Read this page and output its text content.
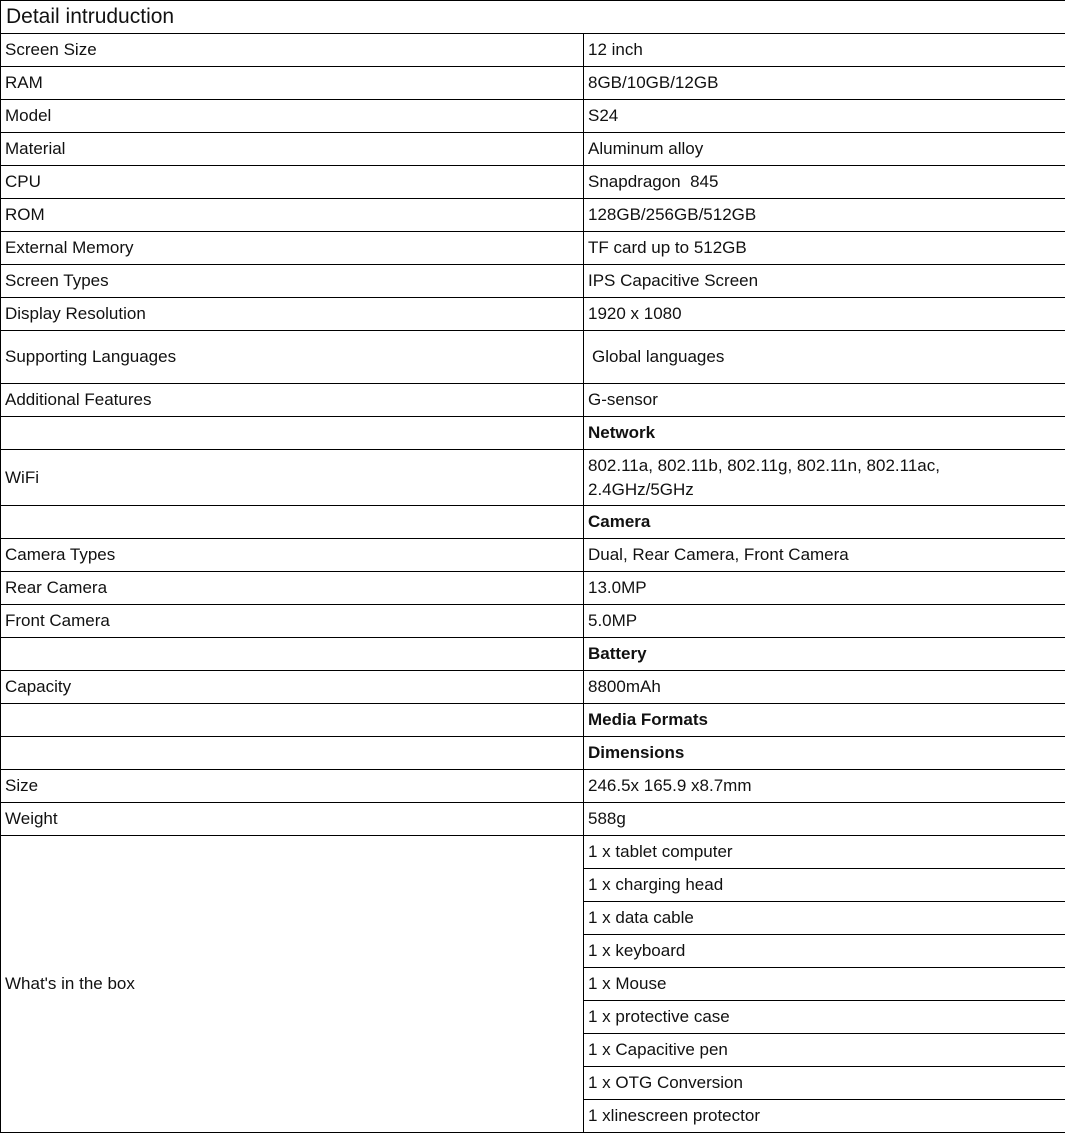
Detail intruduction	
Screen Size	12 inch
RAM	8GB/10GB/12GB
Model	S24
Material	Aluminum alloy
CPU	Snapdragon  845
ROM	128GB/256GB/512GB
External Memory	TF card up to 512GB
Screen Types	IPS Capacitive Screen
Display Resolution	1920 x 1080
Supporting Languages	Global languages
Additional Features	G-sensor
	Network
WiFi	802.11a, 802.11b, 802.11g, 802.11n, 802.11ac,
2.4GHz/5GHz

	Camera
Camera Types	Dual, Rear Camera, Front Camera
Rear Camera	13.0MP
Front Camera	5.0MP
	Battery
Capacity	8800mAh
	Media Formats
	Dimensions
Size	246.5x 165.9 x8.7mm
Weight	588g
What's in the box	1 x tablet computer
	1 x charging head
	1 x data cable
	1 x keyboard
	1 x Mouse
	1 x protective case
	1 x Capacitive pen
	1 x OTG Conversion
	1 xlinescreen protector
